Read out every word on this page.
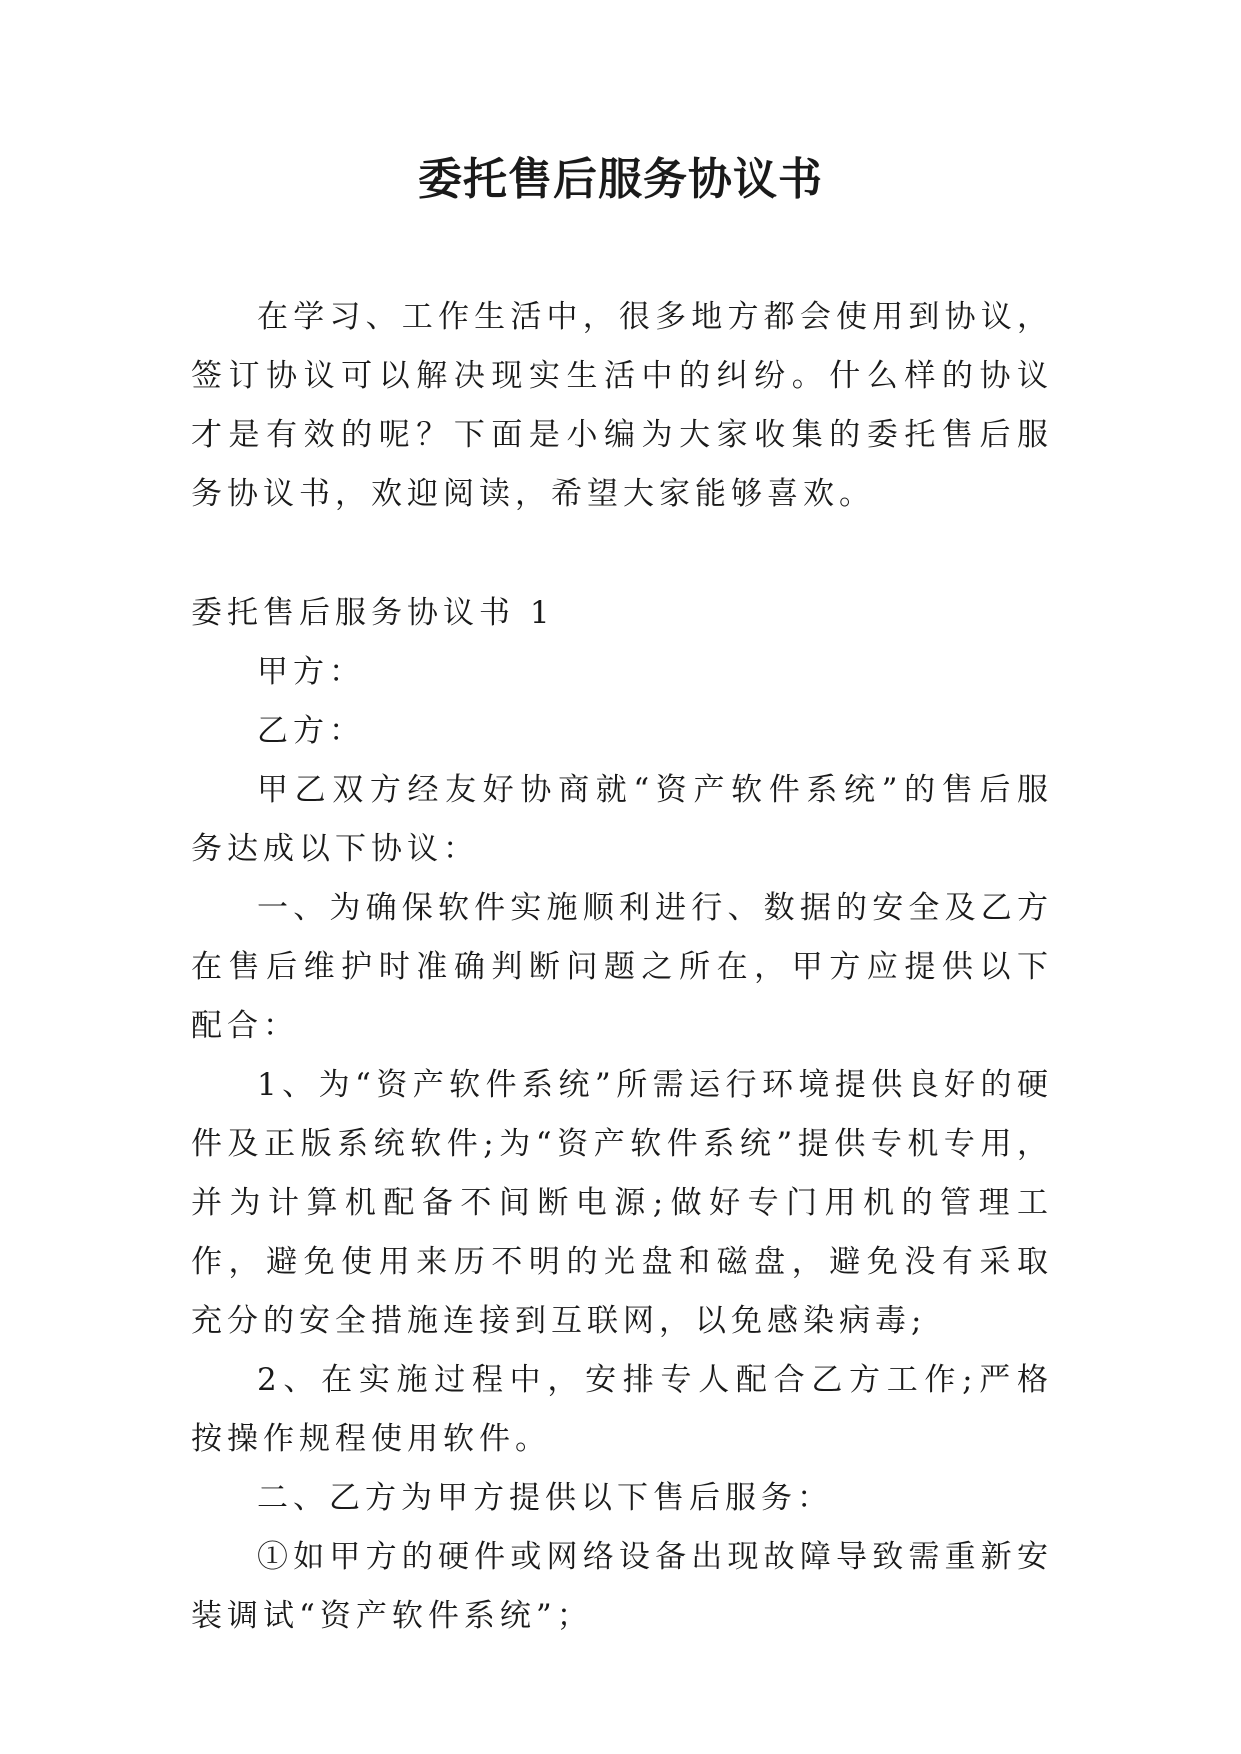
委托售后服务协议书

在学习、工作生活中，很多地方都会使用到协议，签订协议可以解决现实生活中的纠纷。什么样的协议才是有效的呢？下面是小编为大家收集的委托售后服务协议书，欢迎阅读，希望大家能够喜欢。

委托售后服务协议书 1

甲方：

乙方：

甲乙双方经友好协商就“资产软件系统”的售后服务达成以下协议：

一、为确保软件实施顺利进行、数据的安全及乙方在售后维护时准确判断问题之所在，甲方应提供以下配合：

1、为“资产软件系统”所需运行环境提供良好的硬件及正版系统软件;为“资产软件系统”提供专机专用，并为计算机配备不间断电源;做好专门用机的管理工作，避免使用来历不明的光盘和磁盘，避免没有采取充分的安全措施连接到互联网，以免感染病毒;

2、在实施过程中，安排专人配合乙方工作;严格按操作规程使用软件。

二、乙方为甲方提供以下售后服务：

①如甲方的硬件或网络设备出现故障导致需重新安装调试“资产软件系统”；
